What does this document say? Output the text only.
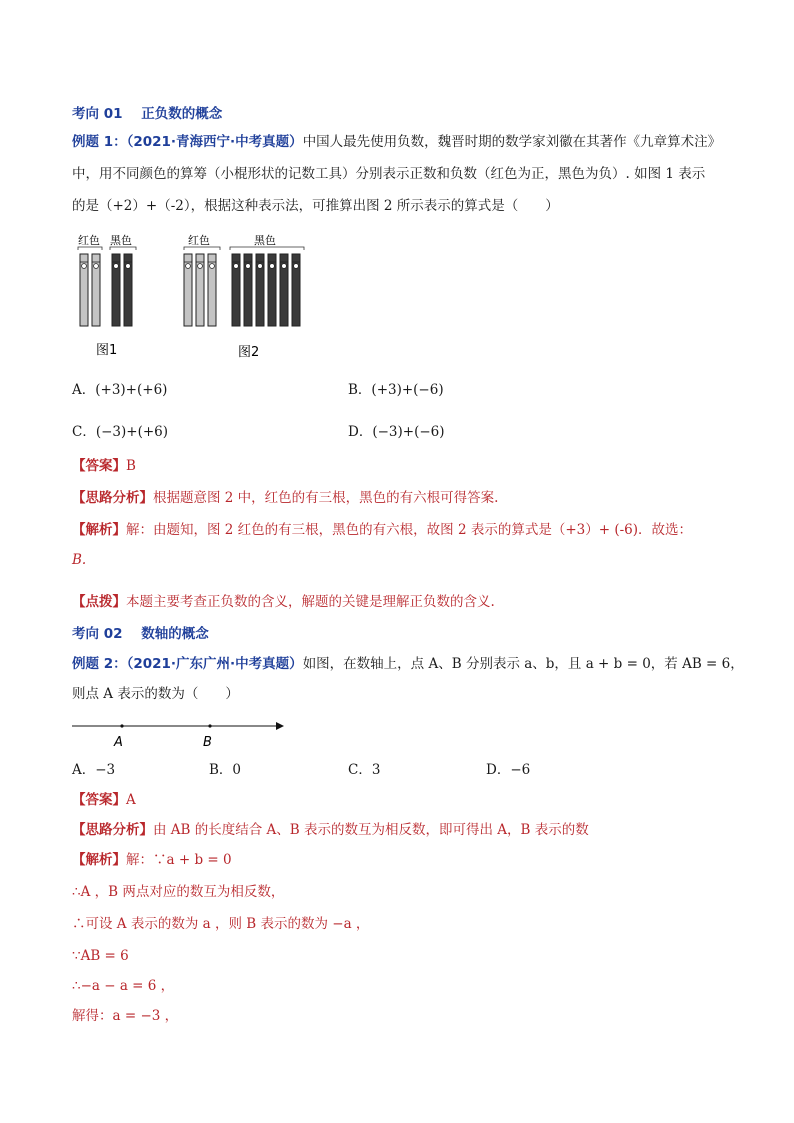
考向 01 正负数的概念
例题 1：（2021·青海西宁·中考真题）中国人最先使用负数，魏晋时期的数学家刘徽在其著作《九章算术注》
中，用不同颜色的算筹（小棍形状的记数工具）分别表示正数和负数（红色为正，黑色为负）. 如图 1 表示
的是（+2）+（-2），根据这种表示法，可推算出图 2 所示表示的算式是（　　）
红色 黑色
图1
红色	黑色
图2
A．(+3)+(+6)	B．(+3)+(−6)
C．(−3)+(+6)	D．(−3)+(−6)
【答案】B
【思路分析】根据题意图 2 中，红色的有三根，黑色的有六根可得答案.
【解析】解：由题知，图 2 红色的有三根，黑色的有六根，故图 2 表示的算式是（+3）+ (-6)．故选：
B.
【点拨】本题主要考查正负数的含义，解题的关键是理解正负数的含义.
考向 02 数轴的概念
例题 2：（2021·广东广州·中考真题）如图，在数轴上，点 A、B 分别表示 a、b，且 a + b = 0，若 AB = 6，
则点 A 表示的数为（　　）
A	B
A．−3	B．0	C．3	D．−6
【答案】A
【思路分析】由 AB 的长度结合 A、B 表示的数互为相反数，即可得出 A，B 表示的数
【解析】解：∵a + b = 0
∴A ，B 两点对应的数互为相反数，
∴可设 A 表示的数为 a ，则 B 表示的数为 −a ，
∵AB = 6
∴−a − a = 6 ，
解得：a = −3 ，
